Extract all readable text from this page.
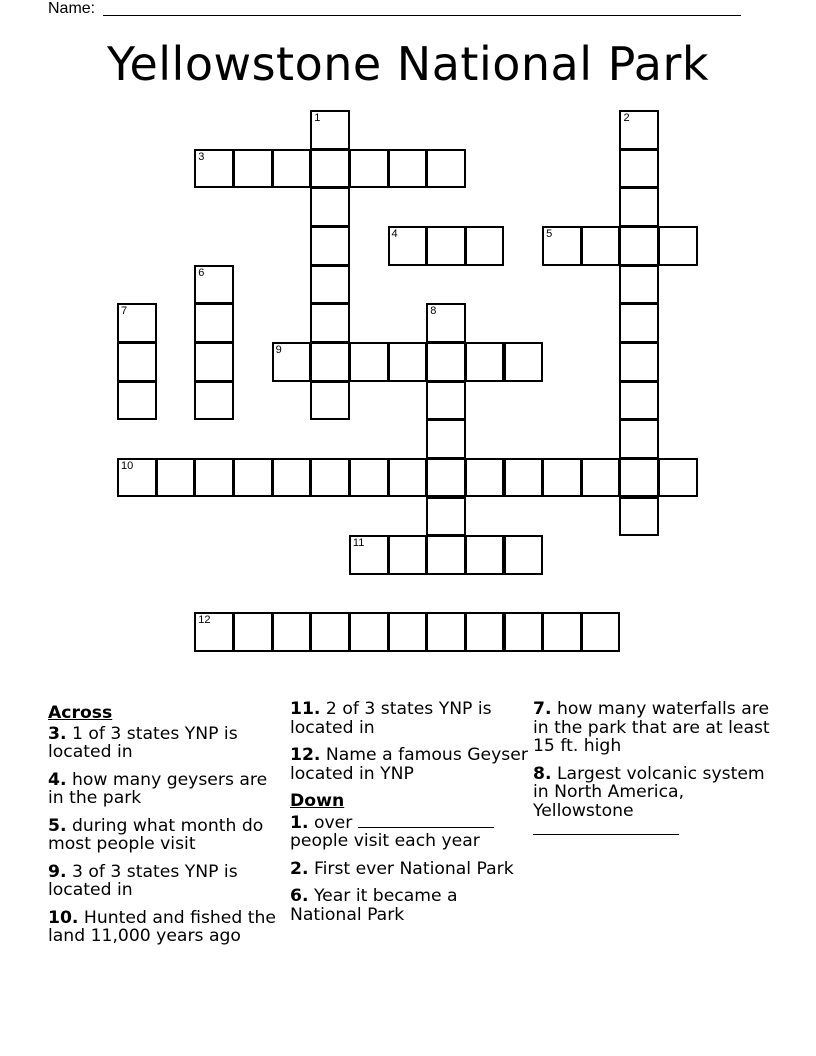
Name:
Yellowstone National Park
1	2
3
4	5
6
7	8
9
10
11
12
Across
3. 1 of 3 states YNP is located in
4. how many geysers are in the park
5. during what month do most people visit
9. 3 of 3 states YNP is located in
10. Hunted and fished the land 11,000 years ago
11. 2 of 3 states YNP is located in
12. Name a famous Geyser located in YNP
Down
1. over  people visit each year
2. First ever National Park
6. Year it became a National Park
7. how many waterfalls are in the park that are at least 15 ft. high
8. Largest volcanic system in North America, Yellowstone
